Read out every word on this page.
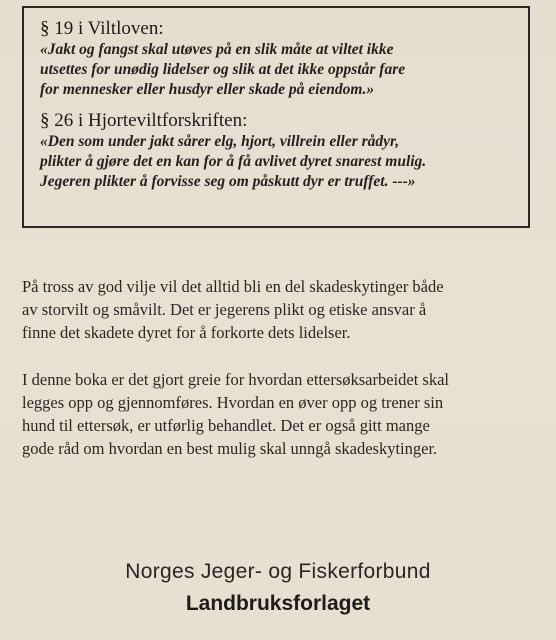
§ 19 i Viltloven:

«Jakt og fangst skal utøves på en slik måte at viltet ikke
utsettes for unødig lidelser og slik at det ikke oppstår fare
for mennesker eller husdyr eller skade på eiendom.»

§ 26 i Hjorteviltforskriften:

«Den som under jakt sårer elg, hjort, villrein eller rådyr,
plikter å gjøre det en kan for å få avlivet dyret snarest mulig.
Jegeren plikter å forvisse seg om påskutt dyr er truffet. ---»

På tross av god vilje vil det alltid bli en del skadeskytinger både
av storvilt og småvilt. Det er jegerens plikt og etiske ansvar å
finne det skadete dyret for å forkorte dets lidelser.

I denne boka er det gjort greie for hvordan ettersøksarbeidet skal
legges opp og gjennomføres. Hvordan en øver opp og trener sin
hund til ettersøk, er utførlig behandlet. Det er også gitt mange
gode råd om hvordan en best mulig skal unngå skadeskytinger.

Norges Jeger- og Fiskerforbund

Landbruksforlaget
